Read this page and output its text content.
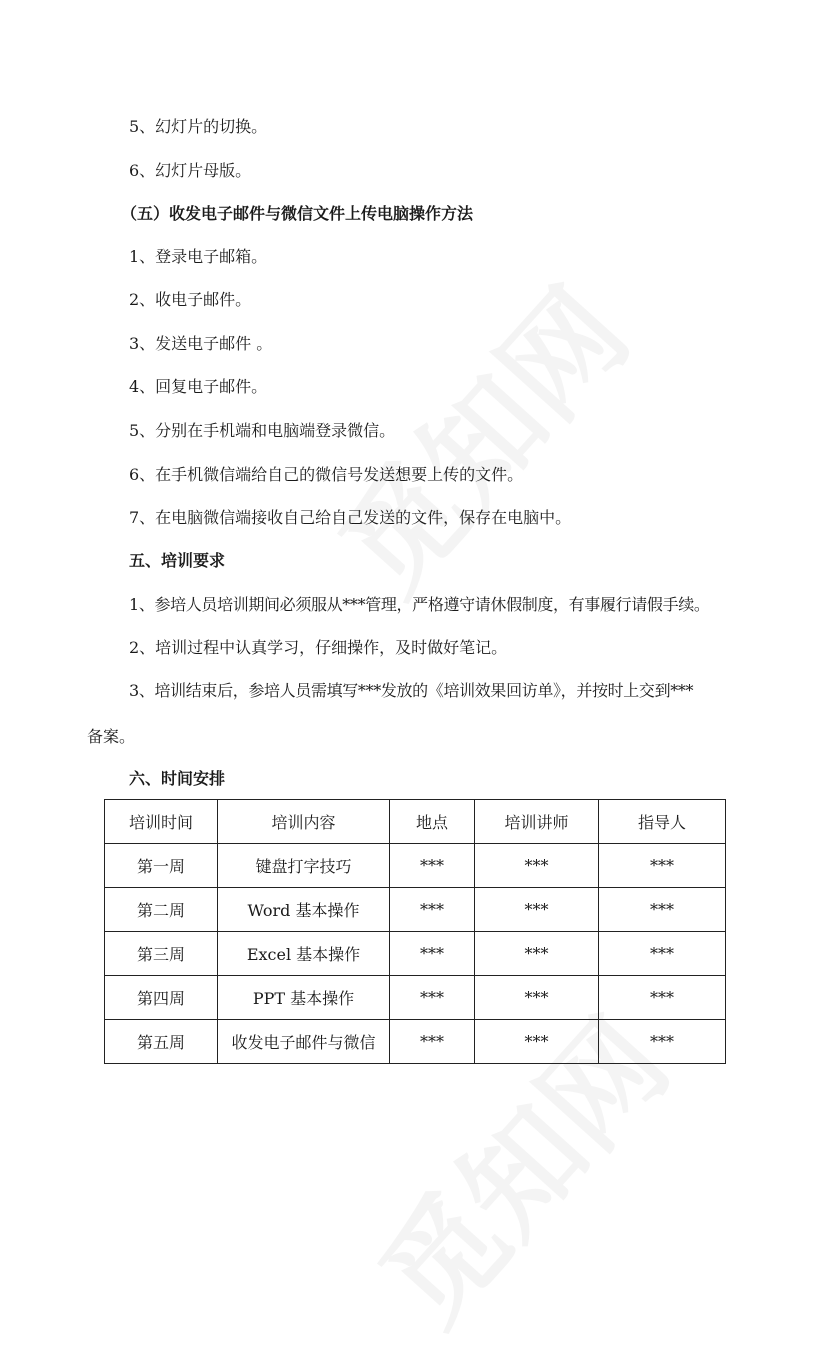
5、幻灯片的切换。

6、幻灯片母版。

（五）收发电子邮件与微信文件上传电脑操作方法

1、登录电子邮箱。

2、收电子邮件。

3、发送电子邮件 。

4、回复电子邮件。

5、分别在手机端和电脑端登录微信。

6、在手机微信端给自己的微信号发送想要上传的文件。

7、在电脑微信端接收自己给自己发送的文件，保存在电脑中。

五、培训要求

1、参培人员培训期间必须服从***管理，严格遵守请休假制度，有事履行请假手续。

2、培训过程中认真学习，仔细操作，及时做好笔记。

3、培训结束后，参培人员需填写***发放的《培训效果回访单》，并按时上交到***

备案。

六、时间安排

培训时间	培训内容	地点	培训讲师	指导人
第一周	键盘打字技巧	***	***	***
第二周	Word 基本操作	***	***	***
第三周	Excel 基本操作	***	***	***
第四周	PPT 基本操作	***	***	***
第五周	收发电子邮件与微信	***	***	***
